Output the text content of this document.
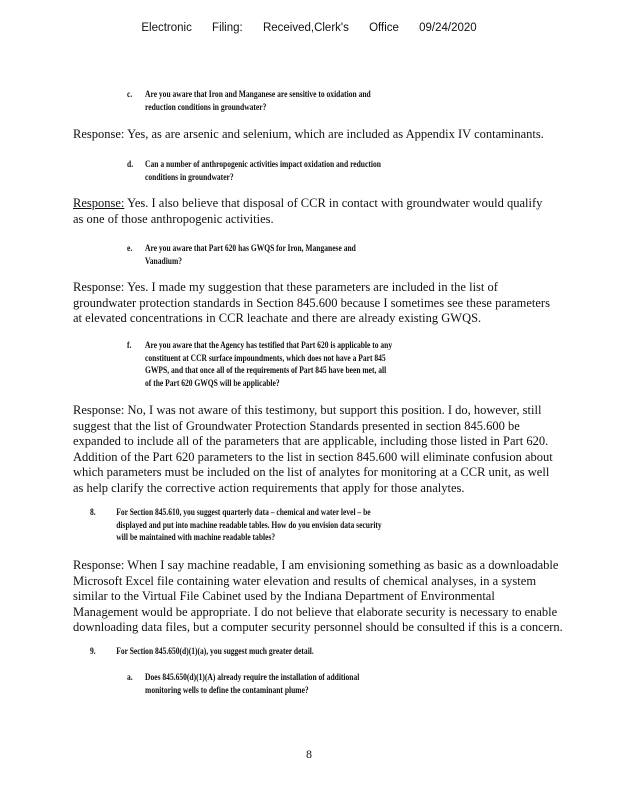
Electronic Filing: Received,Clerk's Office 09/24/2020
c. Are you aware that Iron and Manganese are sensitive to oxidation and
reduction conditions in groundwater?
Response: Yes, as are arsenic and selenium, which are included as Appendix IV contaminants.
d. Can a number of anthropogenic activities impact oxidation and reduction
conditions in groundwater?
Response: Yes. I also believe that disposal of CCR in contact with groundwater would qualify
as one of those anthropogenic activities.
e. Are you aware that Part 620 has GWQS for Iron, Manganese and
Vanadium?
Response: Yes. I made my suggestion that these parameters are included in the list of
groundwater protection standards in Section 845.600 because I sometimes see these parameters
at elevated concentrations in CCR leachate and there are already existing GWQS.
f. Are you aware that the Agency has testified that Part 620 is applicable to any
constituent at CCR surface impoundments, which does not have a Part 845
GWPS, and that once all of the requirements of Part 845 have been met, all
of the Part 620 GWQS will be applicable?
Response: No, I was not aware of this testimony, but support this position. I do, however, still
suggest that the list of Groundwater Protection Standards presented in section 845.600 be
expanded to include all of the parameters that are applicable, including those listed in Part 620.
Addition of the Part 620 parameters to the list in section 845.600 will eliminate confusion about
which parameters must be included on the list of analytes for monitoring at a CCR unit, as well
as help clarify the corrective action requirements that apply for those analytes.
8. For Section 845.610, you suggest quarterly data – chemical and water level – be
displayed and put into machine readable tables. How do you envision data security
will be maintained with machine readable tables?
Response: When I say machine readable, I am envisioning something as basic as a downloadable
Microsoft Excel file containing water elevation and results of chemical analyses, in a system
similar to the Virtual File Cabinet used by the Indiana Department of Environmental
Management would be appropriate. I do not believe that elaborate security is necessary to enable
downloading data files, but a computer security personnel should be consulted if this is a concern.
9. For Section 845.650(d)(1)(a), you suggest much greater detail.
a. Does 845.650(d)(1)(A) already require the installation of additional
monitoring wells to define the contaminant plume?
8
